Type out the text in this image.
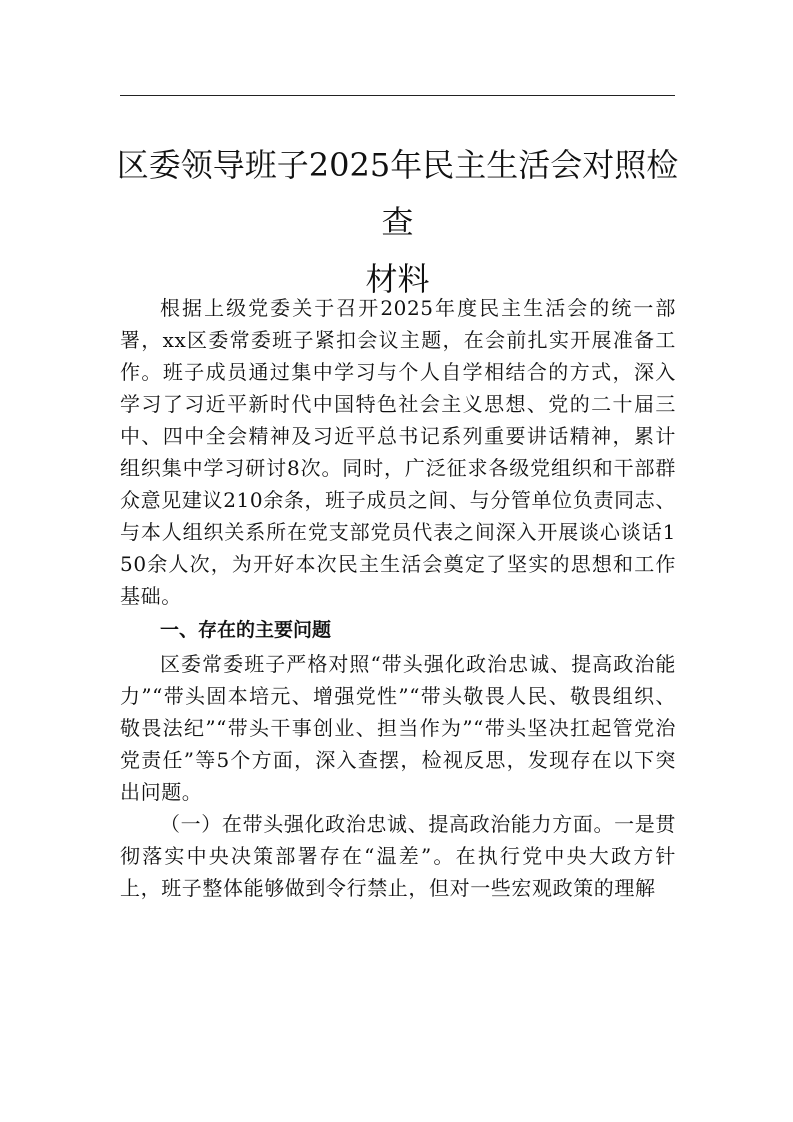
区委领导班子2025年民主生活会对照检查
材料

根据上级党委关于召开2025年度民主生活会的统一部署，xx区委常委班子紧扣会议主题，在会前扎实开展准备工作。班子成员通过集中学习与个人自学相结合的方式，深入学习了习近平新时代中国特色社会主义思想、党的二十届三中、四中全会精神及习近平总书记系列重要讲话精神，累计组织集中学习研讨8次。同时，广泛征求各级党组织和干部群众意见建议210余条，班子成员之间、与分管单位负责同志、与本人组织关系所在党支部党员代表之间深入开展谈心谈话150余人次，为开好本次民主生活会奠定了坚实的思想和工作基础。

一、存在的主要问题

区委常委班子严格对照“带头强化政治忠诚、提高政治能力”“带头固本培元、增强党性”“带头敬畏人民、敬畏组织、敬畏法纪”“带头干事创业、担当作为”“带头坚决扛起管党治党责任”等5个方面，深入查摆，检视反思，发现存在以下突出问题。

（一）在带头强化政治忠诚、提高政治能力方面。一是贯彻落实中央决策部署存在“温差”。在执行党中央大政方针上，班子整体能够做到令行禁止，但对一些宏观政策的理解
